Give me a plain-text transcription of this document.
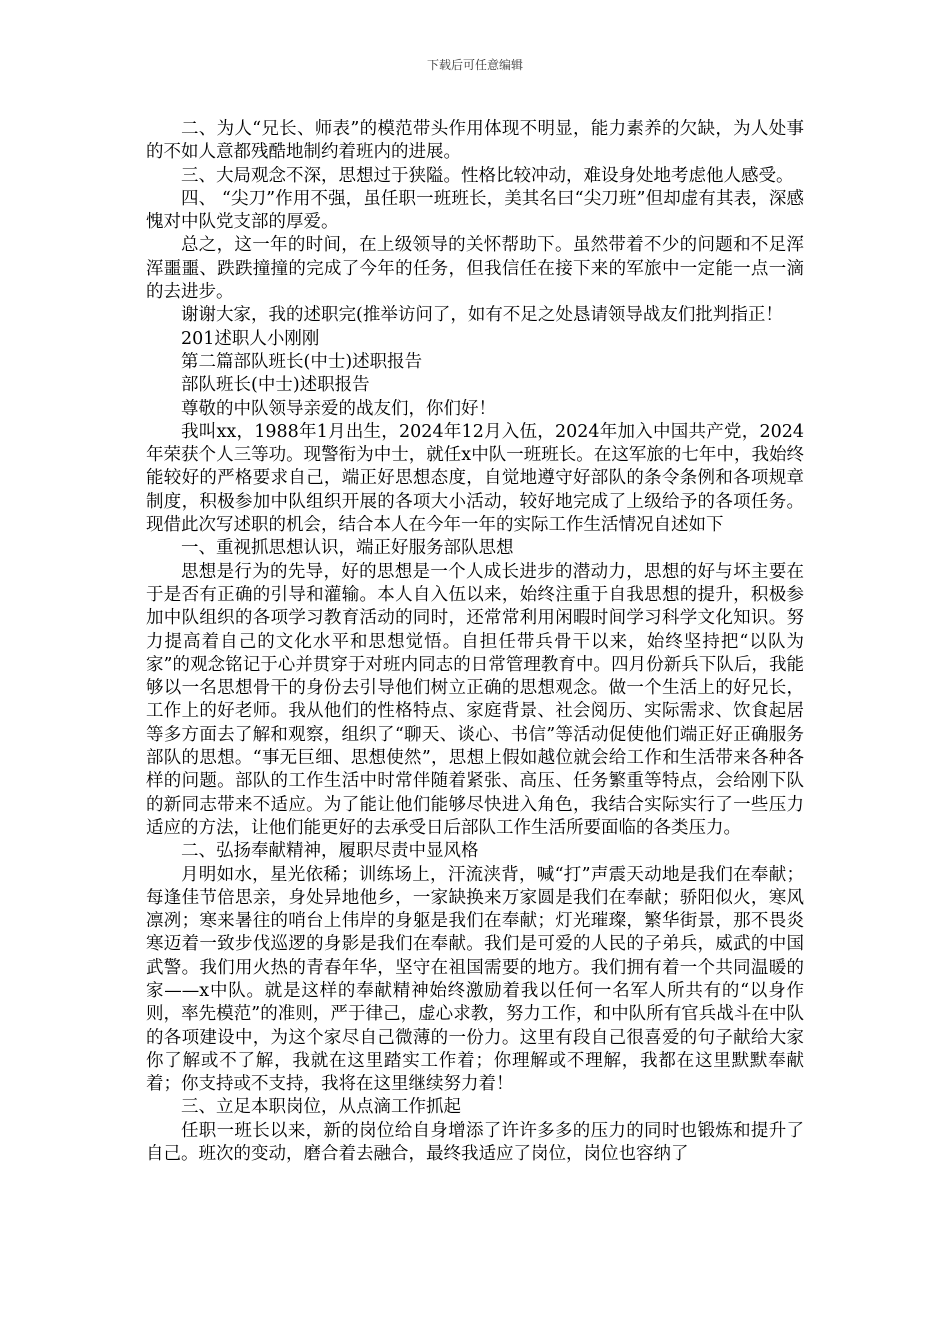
下载后可任意编辑

二、为人“兄长、师表”的模范带头作用体现不明显，能力素养的欠缺，为人处事的不如人意都残酷地制约着班内的进展。

三、大局观念不深，思想过于狭隘。性格比较冲动，难设身处地考虑他人感受。

四、 “尖刀”作用不强，虽任职一班班长，美其名曰“尖刀班”但却虚有其表，深感愧对中队党支部的厚爱。

总之，这一年的时间，在上级领导的关怀帮助下。虽然带着不少的问题和不足浑浑噩噩、跌跌撞撞的完成了今年的任务，但我信任在接下来的军旅中一定能一点一滴的去进步。

谢谢大家，我的述职完(推举访问了，如有不足之处恳请领导战友们批判指正！

201述职人小刚刚

第二篇部队班长(中士)述职报告

部队班长(中士)述职报告

尊敬的中队领导亲爱的战友们，你们好！

我叫xx，1988年1月出生，2024年12月入伍，2024年加入中国共产党，2024年荣获个人三等功。现警衔为中士，就任x中队一班班长。在这军旅的七年中，我始终能较好的严格要求自己，端正好思想态度，自觉地遵守好部队的条令条例和各项规章制度，积极参加中队组织开展的各项大小活动，较好地完成了上级给予的各项任务。现借此次写述职的机会，结合本人在今年一年的实际工作生活情况自述如下

一、重视抓思想认识，端正好服务部队思想

思想是行为的先导，好的思想是一个人成长进步的潜动力，思想的好与坏主要在于是否有正确的引导和灌输。本人自入伍以来，始终注重于自我思想的提升，积极参加中队组织的各项学习教育活动的同时，还常常利用闲暇时间学习科学文化知识。努力提高着自己的文化水平和思想觉悟。自担任带兵骨干以来，始终坚持把“以队为家”的观念铭记于心并贯穿于对班内同志的日常管理教育中。四月份新兵下队后，我能够以一名思想骨干的身份去引导他们树立正确的思想观念。做一个生活上的好兄长，工作上的好老师。我从他们的性格特点、家庭背景、社会阅历、实际需求、饮食起居等多方面去了解和观察，组织了“聊天、谈心、书信”等活动促使他们端正好正确服务部队的思想。“事无巨细、思想使然”，思想上假如越位就会给工作和生活带来各种各样的问题。部队的工作生活中时常伴随着紧张、高压、任务繁重等特点，会给刚下队的新同志带来不适应。为了能让他们能够尽快进入角色，我结合实际实行了一些压力适应的方法，让他们能更好的去承受日后部队工作生活所要面临的各类压力。

二、弘扬奉献精神，履职尽责中显风格

月明如水，星光依稀；训练场上，汗流浃背，喊“打”声震天动地是我们在奉献；每逢佳节倍思亲，身处异地他乡，一家缺换来万家圆是我们在奉献；骄阳似火，寒风凛冽；寒来暑往的哨台上伟岸的身躯是我们在奉献；灯光璀璨，繁华街景，那不畏炎寒迈着一致步伐巡逻的身影是我们在奉献。我们是可爱的人民的子弟兵，威武的中国武警。我们用火热的青春年华，坚守在祖国需要的地方。我们拥有着一个共同温暖的家——x中队。就是这样的奉献精神始终激励着我以任何一名军人所共有的“以身作则，率先模范”的准则，严于律己，虚心求教，努力工作，和中队所有官兵战斗在中队的各项建设中，为这个家尽自己微薄的一份力。这里有段自己很喜爱的句子献给大家你了解或不了解，我就在这里踏实工作着；你理解或不理解，我都在这里默默奉献着；你支持或不支持，我将在这里继续努力着！

三、立足本职岗位，从点滴工作抓起

任职一班长以来，新的岗位给自身增添了许许多多的压力的同时也锻炼和提升了自己。班次的变动，磨合着去融合，最终我适应了岗位，岗位也容纳了
